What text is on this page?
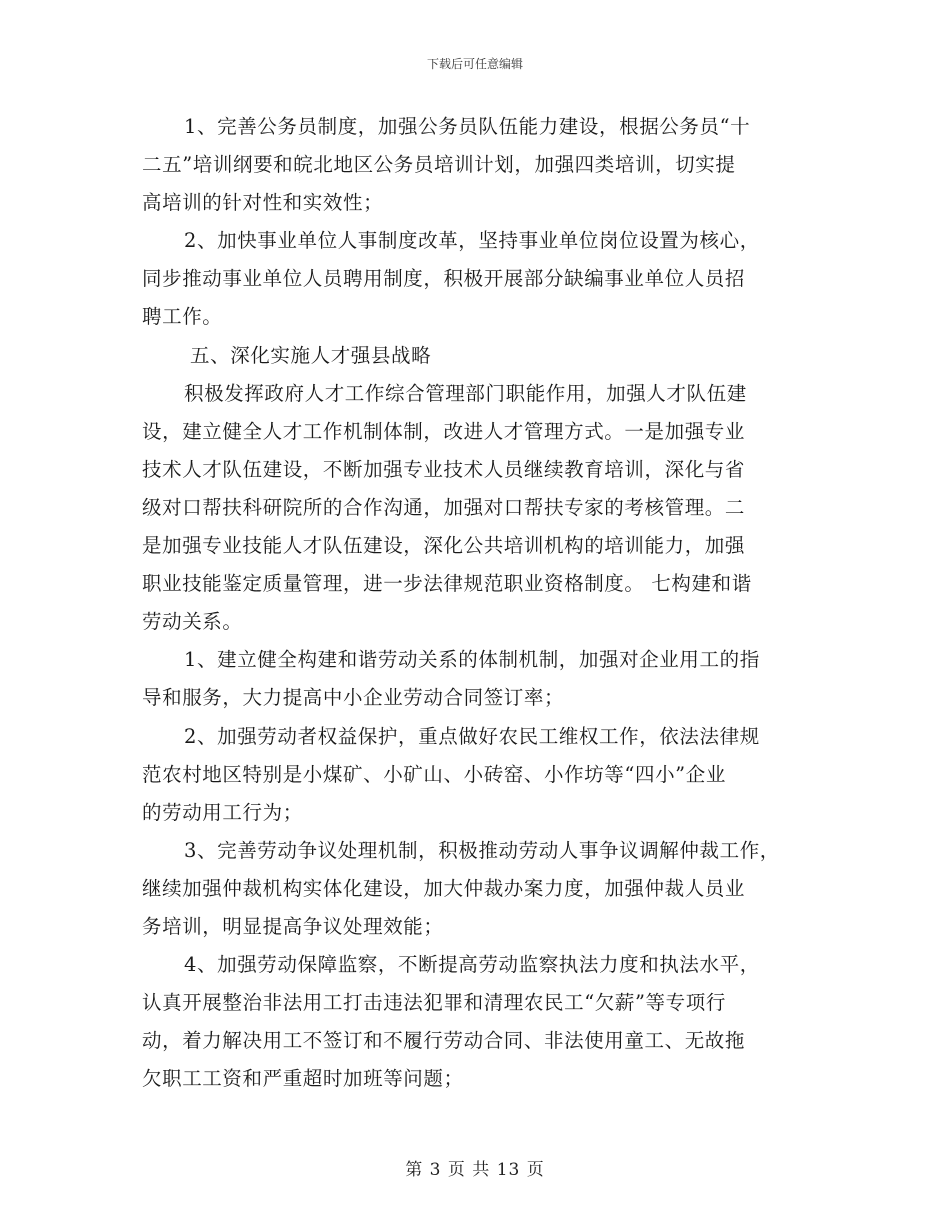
下载后可任意编辑
1、完善公务员制度，加强公务员队伍能力建设，根据公务员“十
二五”培训纲要和皖北地区公务员培训计划，加强四类培训，切实提
高培训的针对性和实效性；
2、加快事业单位人事制度改革，坚持事业单位岗位设置为核心，
同步推动事业单位人员聘用制度，积极开展部分缺编事业单位人员招
聘工作。
五、深化实施人才强县战略
积极发挥政府人才工作综合管理部门职能作用，加强人才队伍建
设，建立健全人才工作机制体制，改进人才管理方式。一是加强专业
技术人才队伍建设，不断加强专业技术人员继续教育培训，深化与省
级对口帮扶科研院所的合作沟通，加强对口帮扶专家的考核管理。二
是加强专业技能人才队伍建设，深化公共培训机构的培训能力，加强
职业技能鉴定质量管理，进一步法律规范职业资格制度。 七构建和谐
劳动关系。
1、建立健全构建和谐劳动关系的体制机制，加强对企业用工的指
导和服务，大力提高中小企业劳动合同签订率；
2、加强劳动者权益保护，重点做好农民工维权工作，依法法律规
范农村地区特别是小煤矿、小矿山、小砖窑、小作坊等“四小”企业
的劳动用工行为；
3、完善劳动争议处理机制，积极推动劳动人事争议调解仲裁工作，
继续加强仲裁机构实体化建设，加大仲裁办案力度，加强仲裁人员业
务培训，明显提高争议处理效能；
4、加强劳动保障监察，不断提高劳动监察执法力度和执法水平，
认真开展整治非法用工打击违法犯罪和清理农民工“欠薪”等专项行
动，着力解决用工不签订和不履行劳动合同、非法使用童工、无故拖
欠职工工资和严重超时加班等问题；
第 3 页 共 13 页
